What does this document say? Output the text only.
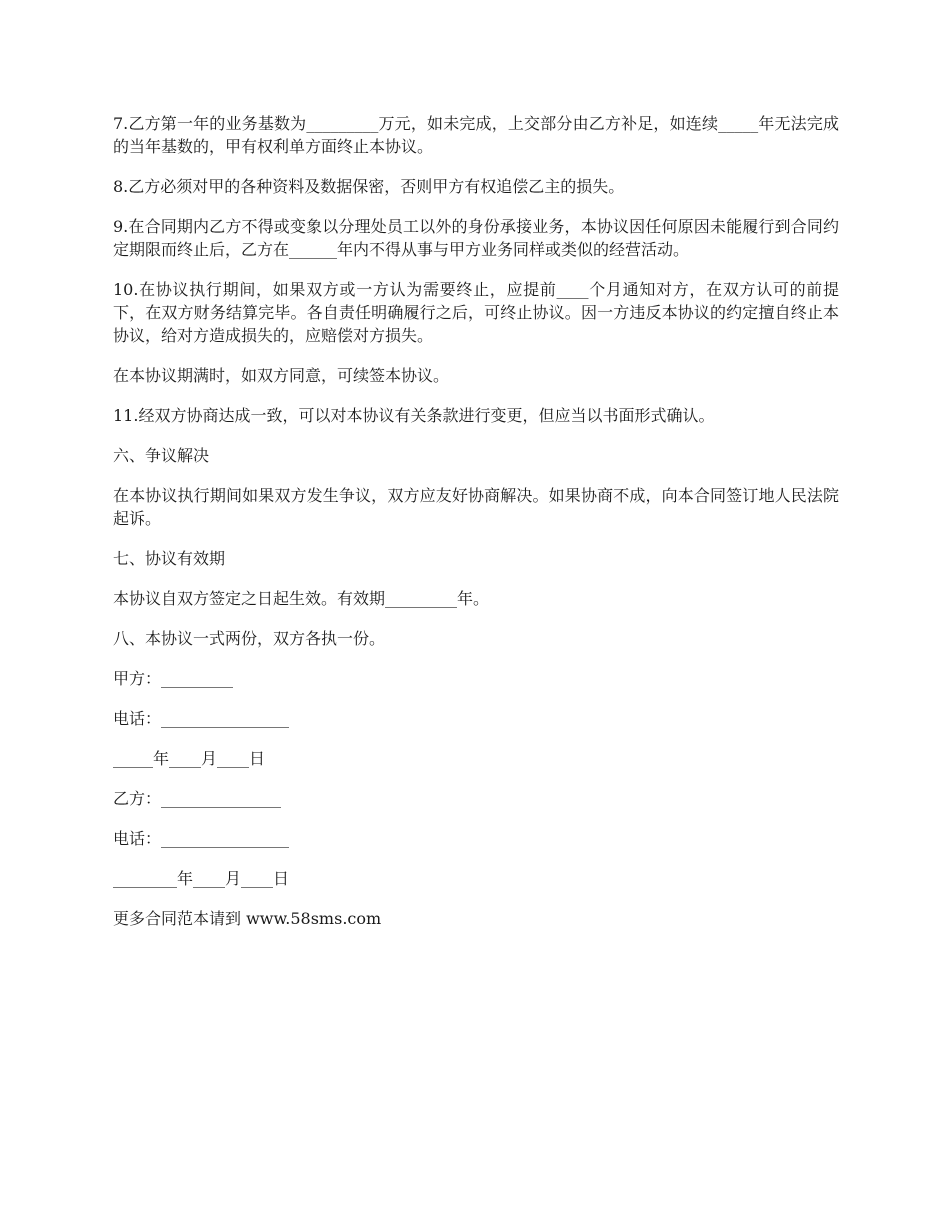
7.乙方第一年的业务基数为_________万元，如未完成，上交部分由乙方补足，如连续_____年无法完成的当年基数的，甲有权利单方面终止本协议。

8.乙方必须对甲的各种资料及数据保密，否则甲方有权追偿乙主的损失。

9.在合同期内乙方不得或变象以分理处员工以外的身份承接业务，本协议因任何原因未能履行到合同约定期限而终止后，乙方在______年内不得从事与甲方业务同样或类似的经营活动。

10.在协议执行期间，如果双方或一方认为需要终止，应提前____个月通知对方，在双方认可的前提下，在双方财务结算完毕。各自责任明确履行之后，可终止协议。因一方违反本协议的约定擅自终止本协议，给对方造成损失的，应赔偿对方损失。

在本协议期满时，如双方同意，可续签本协议。

11.经双方协商达成一致，可以对本协议有关条款进行变更，但应当以书面形式确认。

六、争议解决

在本协议执行期间如果双方发生争议，双方应友好协商解决。如果协商不成，向本合同签订地人民法院起诉。

七、协议有效期

本协议自双方签定之日起生效。有效期_________年。

八、本协议一式两份，双方各执一份。

甲方：_________

电话：________________

_____年____月____日

乙方：_______________

电话：________________

________年____月____日

更多合同范本请到 www.58sms.com
